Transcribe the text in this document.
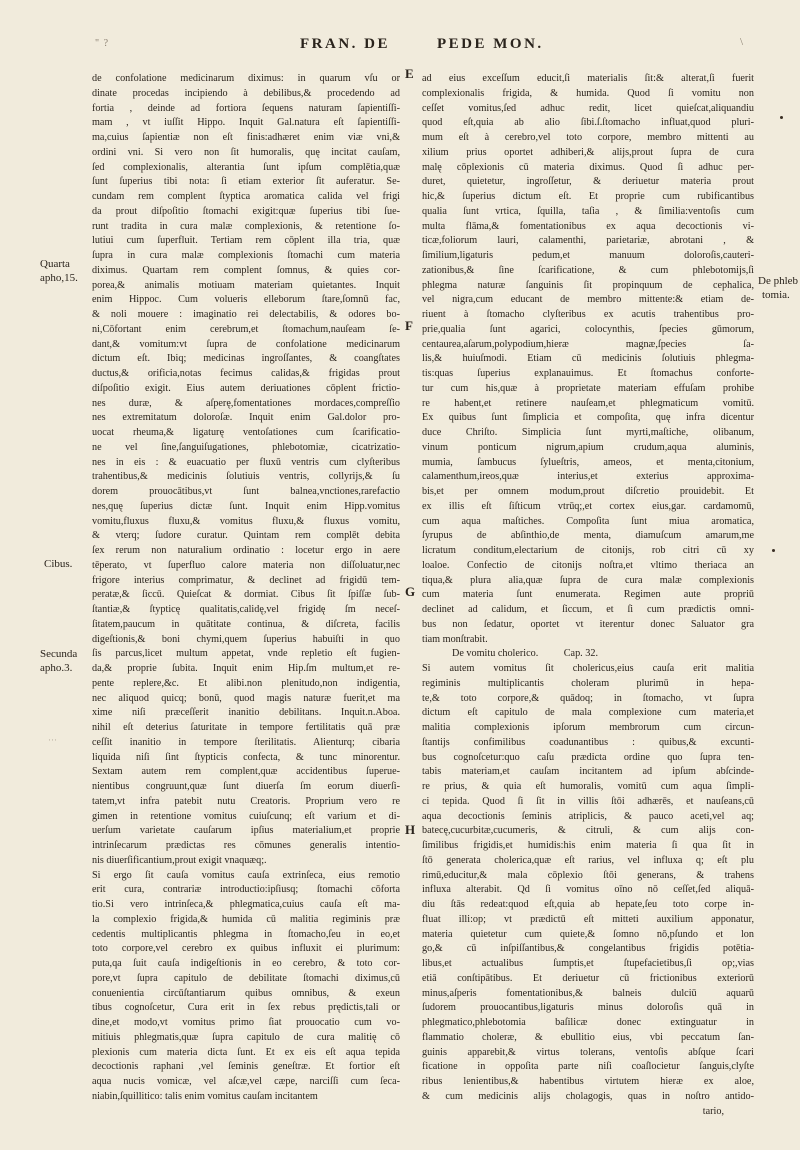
" ?	FRAN. DE	PEDE MON.	\
de confolatione medicinarum diximus: in quarum vſu or
dinate procedas incipiendo à debilibus,& procedendo ad
fortia , deinde ad fortiora ſequens naturam ſapientiſſi-
mam , vt iuſſit Hippo. Inquit Gal.natura eſt ſapientiſſi-
ma,cuius ſapientiæ non eſt finis:adhæret enim viæ vni,&
ordini vni. Si vero non ſit humoralis, quę incitat cauſam,
ſed complexionalis, alterantia ſunt ipſum complētia,quæ
ſunt ſuperius tibi nota: ſi etiam exterior ſit auferatur. Se-
cundam rem complent ſtyptica aromatica calida vel frigi
da prout diſpoſitio ſtomachi exigit:quæ ſuperius tibi ſue-
runt tradita in cura malæ complexionis, & retentione ſo-
lutiui cum ſuperfluit. Tertiam rem cōplent illa tria, quæ
ſupra in cura malæ complexionis ſtomachi cum materia
diximus. Quartam rem complent ſomnus, & quies cor-
porea,& animalis motiuam materiam quietantes. Inquit
enim Hippoc. Cum volueris elleborum ſtare,ſomnū fac,
& noli mouere : imaginatio rei delectabilis, & odores bo-
ni,Cōfortant enim cerebrum,et ſtomachum,nauſeam ſe-
dant,& vomitum:vt ſupra de confolatione medicinarum
dictum eſt. Ibiq; medicinas ingroſſantes, & coangſtates
ductus,& orificia,notas fecimus calidas,& frigidas prout
diſpoſitio exigit. Eius autem deriuationes cōplent frictio-
nes duræ, & aſperę,fomentationes mordaces,compreſſio
nes extremitatum doloroſæ. Inquit enim Gal.dolor pro-
uocat rheuma,& ligaturę ventoſationes cum ſcarificatio-
ne vel ſine,ſanguiſugationes, phlebotomiæ, cicatrizatio-
nes in eis : & euacuatio per fluxū ventris cum clyſteribus
trahentibus,& medicinis ſolutiuis ventris, collyrijs,& ſu
dorem prouocātibus,vt ſunt balnea,vnctiones,rarefactio
nes,quę ſuperius dictæ ſunt. Inquit enim Hipp.vomitus
vomitu,fluxus fluxu,& vomitus fluxu,& fluxus vomitu,
& vterq; ſudore curatur. Quintam rem complēt debita
ſex rerum non naturalium ordinatio : locetur ergo in aere
tēperato, vt ſuperfluo calore materia non diſſoluatur,nec
frigore interius comprimatur, & declinet ad frigidū tem-
peratæ,& ſiccū. Quieſcat & dormiat. Cibus ſit ſpiſſæ ſub-
ſtantiæ,& ſtypticę qualitatis,calidę,vel frigidę ſm neceſ-
ſitatem,paucum in quātitate continua, & diſcreta, facilis
digeſtionis,& boni chymi,quem ſuperius habuiſti in quo
ſis parcus,licet multum appetat, vnde repletio eſt fugien-
da,& proprie ſubita. Inquit enim Hip.ſm multum,et re-
pente replere,&c. Et alibi.non plenitudo,non indigentia,
nec aliquod quicq; bonū, quod magis naturæ fuerit,et ma
xime niſi præceſſerit inanitio debilitans. Inquit.n.Aboa.
nihil eſt deterius ſaturitate in tempore fertilitatis quā præ
ceſſit inanitio in tempore ſterilitatis. Alienturq; cibaria
liquida niſi ſint ſtypticis confecta, & tunc minorentur.
Sextam autem rem complent,quæ accidentibus ſuperue-
nientibus congruunt,quæ ſunt diuerſa ſm eorum diuerſi-
tatem,vt infra patebit nutu Creatoris. Proprium vero re
gimen in retentione vomitus cuiuſcunq; eſt varium et di-
uerſum varietate cauſarum ipſius materialium,et proprie
intrinſecarum prædictas res cōmunes generalis intentio-
nis diuerſificantium,prout exigit vnaquæq;.
Si ergo ſit cauſa vomitus cauſa extrinſeca, eius remotio
erit cura, contrariæ introductio:ipſiusq; ſtomachi cōforta
tio.Si vero intrinſeca,& phlegmatica,cuius cauſa eſt ma-
la complexio frigida,& humida cū malitia regiminis præ
cedentis multiplicantis phlegma in ſtomacho,ſeu in eo,et
toto corpore,vel cerebro ex quibus influxit ei plurimum:
puta,qa ſuit cauſa indigeſtionis in eo cerebro, & toto cor-
pore,vt ſupra capitulo de debilitate ſtomachi diximus,cū
conuenientia circūſtantiarum quibus omnibus, & exeun
tibus cognoſcetur, Cura erit in ſex rebus prędictis,tali or
dine,et modo,vt vomitus primo ſiat prouocatio cum vo-
mitiuis phlegmatis,quæ ſupra capitulo de cura malitię cō
plexionis cum materia dicta ſunt. Et ex eis eſt aqua tepida
decoctionis raphani ,vel ſeminis geneſtræ. Et fortior eſt
aqua nucis vomicæ, vel aſcæ,vel cæpe, narciſſi cum ſeca-
niabin,ſquillitico: talis enim vomitus cauſam incitantem
ad eius exceſſum educit,ſi materialis ſit:& alterat,ſi fuerit
complexionalis frigida, & humida. Quod ſi vomitu non
ceſſet vomitus,ſed adhuc redit, licet quieſcat,aliquandiu
quod eſt,quia ab alio ſibi.ſ.ſtomacho influat,quod pluri-
mum eſt à cerebro,vel toto corpore, membro mittenti au
xilium prius oportet adhiberi,& alijs,prout ſupra de cura
malę cōplexionis cū materia diximus. Quod ſi adhuc per-
duret, quietetur, ingroſſetur, & deriuetur materia prout
hic,& ſuperius dictum eſt. Et proprie cum rubificantibus
qualia ſunt vrtica, ſquilla, taſia , & ſimilia:ventoſis cum
multa flāma,& fomentationibus ex aqua decoctionis vi-
ticæ,foliorum lauri, calamenthi, parietariæ, abrotani , &
ſimilium,ligaturis pedum,et manuum doloroſis,cauteri-
zationibus,& ſine ſcarificatione, & cum phlebotomijs,ſi
phlegma naturæ ſanguinis ſit propinquum de cephalica,
vel nigra,cum educant de membro mittente:& etiam de-
riuent à ſtomacho clyſteribus ex acutis trahentibus pro-
prie,qualia ſunt agarici, colocynthis, ſpecies gūmorum,
centaurea,aſarum,polypodium,hieræ magnæ,ſpecies ſa-
lis,& huiuſmodi. Etiam cū medicinis ſolutiuis phlegma-
tis:quas ſuperius explanauimus. Et ſtomachus conforte-
tur cum his,quæ à proprietate materiam effuſam prohibe
re habent,et retinere nauſeam,et phlegmaticum vomitū.
Ex quibus ſunt ſimplicia et compoſita, quę infra dicentur
duce Chriſto. Simplicia ſunt myrti,maſtiche, olibanum,
vinum ponticum nigrum,apium crudum,aqua aluminis,
mumia, ſambucus ſylueſtris, ameos, et menta,citonium,
calamenthum,ireos,quæ interius,et exterius approxima-
bis,et per omnem modum,prout diſcretio prouidebit. Et
ex illis eſt ſiſticum vtrūq;,et cortex eius,gar. cardamomū,
cum aqua maſtiches. Compoſita ſunt miua aromatica,
ſyrupus de abſinthio,de menta, diamuſcum amarum,me
licratum conditum,electarium de citonijs, rob citri cū xy
loaloe. Confectio de citonijs noſtra,et vltimo theriaca an
tiqua,& plura alia,quæ ſupra de cura malæ complexionis
cum materia ſunt enumerata. Regimen aute propriū
declinet ad calidum, et ſiccum, et ſi cum prædictis omni-
bus non ſedatur, oportet vt iterentur donec Saluator gra
tiam monſtrabit.
De vomitu cholerico.          Cap. 32.
Si autem vomitus ſit cholericus,eius cauſa erit malitia
regiminis multiplicantis choleram plurimū in hepa-
te,& toto corpore,& quādoq; in ſtomacho, vt ſupra
dictum eſt capitulo de mala complexione cum materia,et
malitia complexionis ipſorum membrorum cum circun-
ſtantijs confimilibus coadunantibus : quibus,& excunti-
bus cognoſcetur:quo caſu prædicta ordine quo ſupra ten-
tabis materiam,et cauſam incitantem ad ipſum abſcinde-
re prius, & quia eſt humoralis, vomitū cum aqua ſimpli-
ci tepida. Quod ſi ſit in villis ſtōi adhærēs, et nauſeans,cū
aqua decoctionis ſeminis atriplicis, & pauco aceti,vel aq;
batecę,cucurbitæ,cucumeris, & citruli, & cum alijs con-
ſimilibus frigidis,et humidis:his enim materia ſi qua ſit in
ſtō generata cholerica,quæ eſt rarius, vel influxa q; eſt plu
rimū,educitur,& mala cōplexio ſtōi generans, & trahens
influxa alterabit. Qd ſi vomitus oīno nō ceſſet,ſed aliquā-
diu ſtās redeat:quod eſt,quia ab hepate,ſeu toto corpe in-
fluat illi:op; vt prædictū eſt mitteti auxilium apponatur,
materia quietetur cum quiete,& ſomno nō,pſundo et lon
go,& cū inſpiſſantibus,& congelantibus frigidis potētia-
libus,et actualibus ſumptis,et ſtupefacietibus,ſi op;,vias
etiā conſtipātibus. Et deriuetur cū frictionibus exteriorū
minus,aſperis fomentationibus,& balneis dulciū aquarū
ſudorem prouocantibus,ligaturis minus doloroſis quā in
phlegmatico,phlebotomia baſilicæ donec extinguatur in
flammatio choleræ, & ebullitio eius, vbi peccatum ſan-
guinis apparebit,& virtus tolerans, ventoſis abſque ſcari
ficatione in oppoſita parte niſi coaſlocietur ſanguis,clyſte
ribus lenientibus,& habentibus virtutem hieræ ex aloe,
& cum medicinis alijs cholagogis, quas in noſtro antido-
tario,
E
F
G
H
Quarta
apho,15.
Cibus.
Secunda
apho.3.
De phleb
tomia.
···
